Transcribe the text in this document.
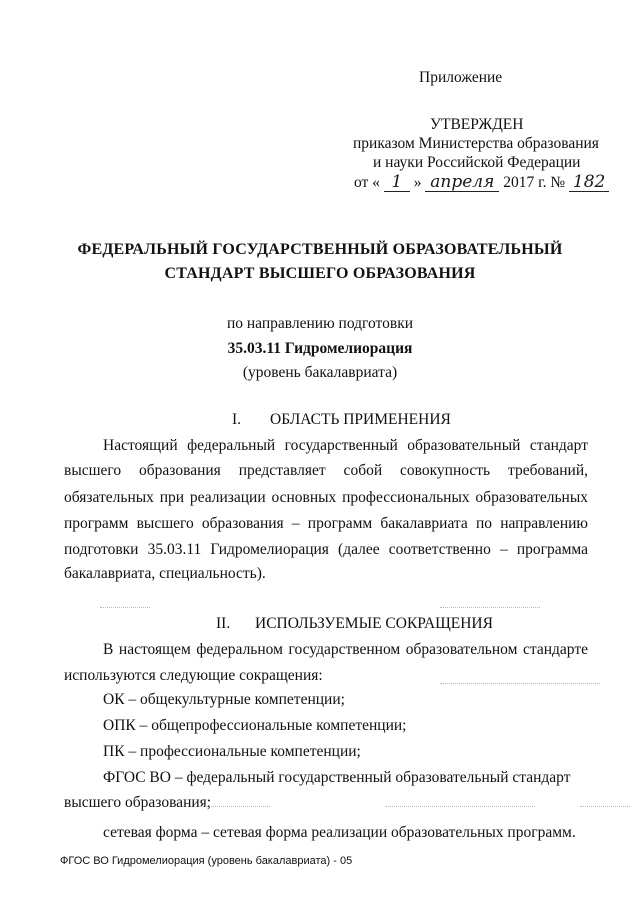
Приложение
УТВЕРЖДЕН
приказом Министерства образования
и науки Российской Федерации
от « 1 » апреля 2017 г. № 182
ФЕДЕРАЛЬНЫЙ ГОСУДАРСТВЕННЫЙ ОБРАЗОВАТЕЛЬНЫЙ
СТАНДАРТ ВЫСШЕГО ОБРАЗОВАНИЯ
по направлению подготовки
35.03.11 Гидромелиорация
(уровень бакалавриата)
I. ОБЛАСТЬ ПРИМЕНЕНИЯ
Настоящий федеральный государственный образовательный стандарт
высшего образования представляет собой совокупность требований,
обязательных при реализации основных профессиональных образовательных
программ высшего образования – программ бакалавриата по направлению
подготовки 35.03.11 Гидромелиорация (далее соответственно – программа
бакалавриата, специальность).
II. ИСПОЛЬЗУЕМЫЕ СОКРАЩЕНИЯ
В настоящем федеральном государственном образовательном стандарте
используются следующие сокращения:
ОК – общекультурные компетенции;
ОПК – общепрофессиональные компетенции;
ПК – профессиональные компетенции;
ФГОС ВО – федеральный государственный образовательный стандарт
высшего образования;
сетевая форма – сетевая форма реализации образовательных программ.
ФГОС ВО Гидромелиорация (уровень бакалавриата) - 05
